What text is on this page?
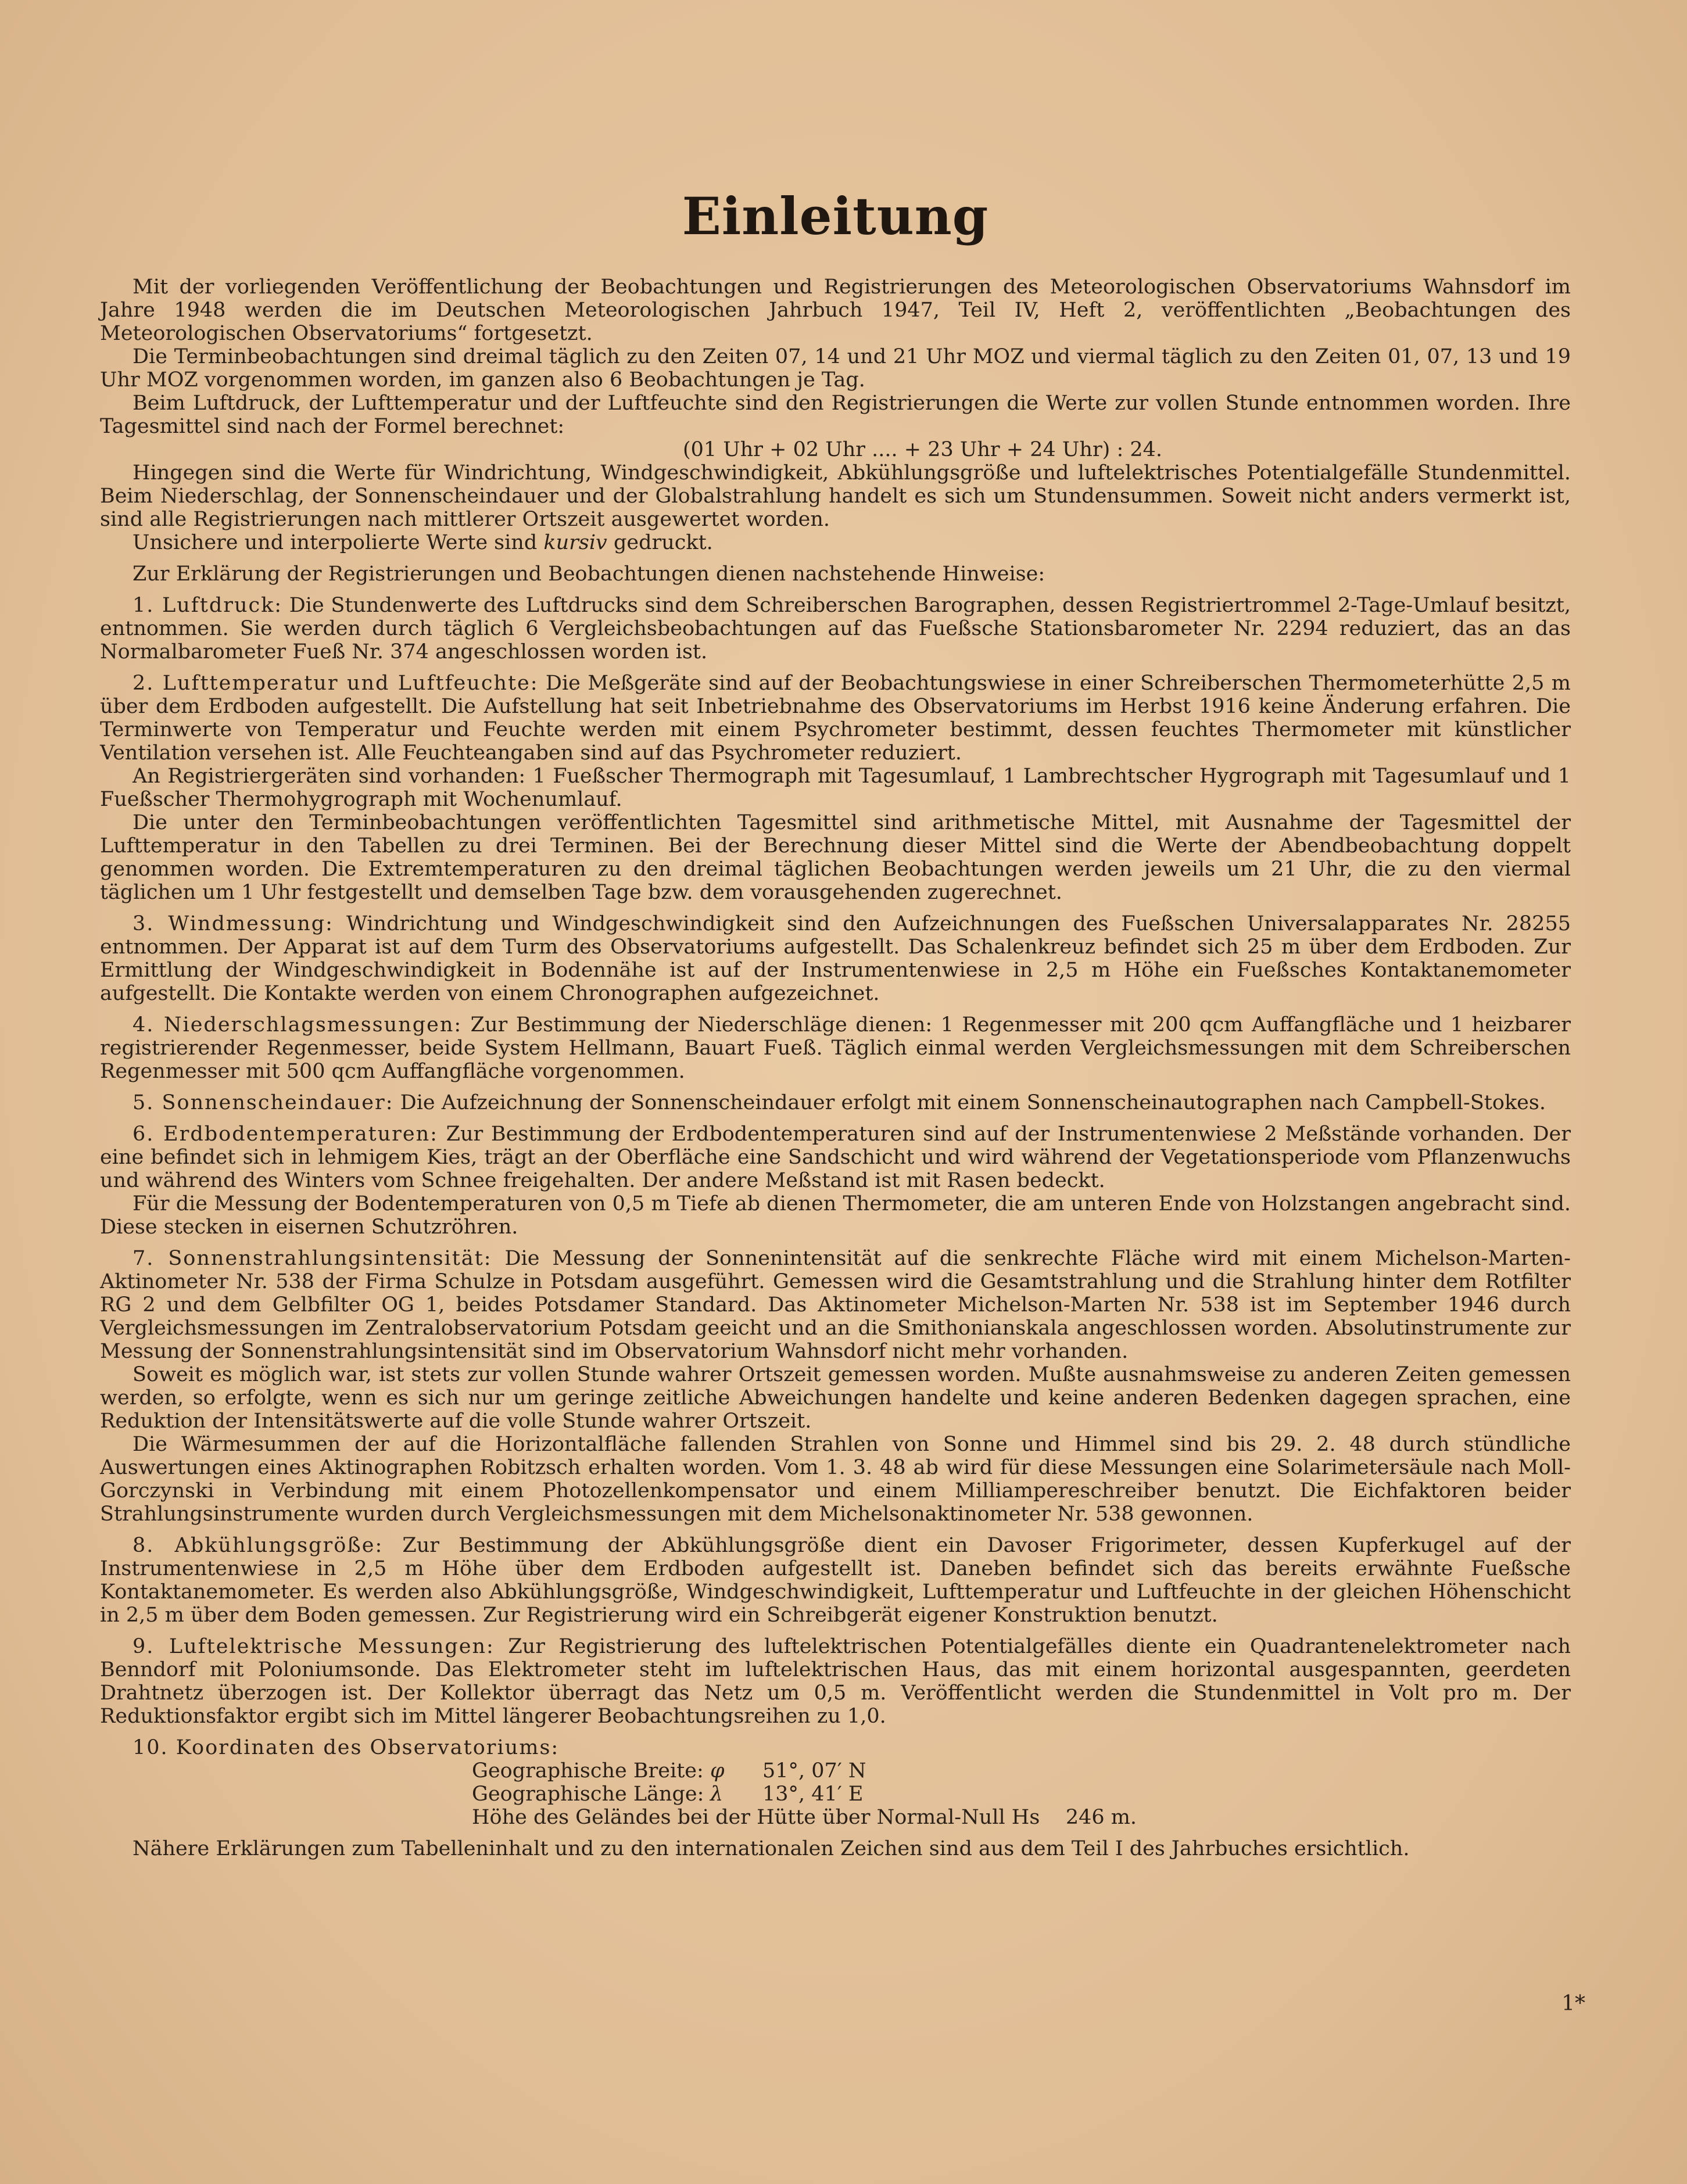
Einleitung

Mit der vorliegenden Veröffentlichung der Beobachtungen und Registrierungen des Meteorologischen Observatoriums Wahnsdorf im Jahre 1948 werden die im Deutschen Meteorologischen Jahrbuch 1947, Teil IV, Heft 2, veröffentlichten „Beobachtungen des Meteorologischen Observatoriums“ fortgesetzt.

Die Terminbeobachtungen sind dreimal täglich zu den Zeiten 07, 14 und 21 Uhr MOZ und viermal täglich zu den Zeiten 01, 07, 13 und 19 Uhr MOZ vorgenommen worden, im ganzen also 6 Beobachtungen je Tag.

Beim Luftdruck, der Lufttemperatur und der Luftfeuchte sind den Registrierungen die Werte zur vollen Stunde entnommen worden. Ihre Tagesmittel sind nach der Formel berechnet:

(01 Uhr + 02 Uhr .... + 23 Uhr + 24 Uhr) : 24.

Hingegen sind die Werte für Windrichtung, Windgeschwindigkeit, Abkühlungsgröße und luftelektrisches Potentialgefälle Stundenmittel. Beim Niederschlag, der Sonnenscheindauer und der Globalstrahlung handelt es sich um Stundensummen. Soweit nicht anders vermerkt ist, sind alle Registrierungen nach mittlerer Ortszeit ausgewertet worden.

Unsichere und interpolierte Werte sind kursiv gedruckt.

Zur Erklärung der Registrierungen und Beobachtungen dienen nachstehende Hinweise:

1. Luftdruck: Die Stundenwerte des Luftdrucks sind dem Schreiberschen Barographen, dessen Registriertrommel 2-Tage-Umlauf besitzt, entnommen. Sie werden durch täglich 6 Vergleichsbeobachtungen auf das Fueßsche Stationsbarometer Nr. 2294 reduziert, das an das Normalbarometer Fueß Nr. 374 angeschlossen worden ist.

2. Lufttemperatur und Luftfeuchte: Die Meßgeräte sind auf der Beobachtungswiese in einer Schreiberschen Thermometerhütte 2,5 m über dem Erdboden aufgestellt. Die Aufstellung hat seit Inbetriebnahme des Observatoriums im Herbst 1916 keine Änderung erfahren. Die Terminwerte von Temperatur und Feuchte werden mit einem Psychrometer bestimmt, dessen feuchtes Thermometer mit künstlicher Ventilation versehen ist. Alle Feuchteangaben sind auf das Psychrometer reduziert.

An Registriergeräten sind vorhanden: 1 Fueßscher Thermograph mit Tagesumlauf, 1 Lambrechtscher Hygrograph mit Tagesumlauf und 1 Fueßscher Thermohygrograph mit Wochenumlauf.

Die unter den Terminbeobachtungen veröffentlichten Tagesmittel sind arithmetische Mittel, mit Ausnahme der Tagesmittel der Lufttemperatur in den Tabellen zu drei Terminen. Bei der Berechnung dieser Mittel sind die Werte der Abendbeobachtung doppelt genommen worden. Die Extremtemperaturen zu den dreimal täglichen Beobachtungen werden jeweils um 21 Uhr, die zu den viermal täglichen um 1 Uhr festgestellt und demselben Tage bzw. dem vorausgehenden zugerechnet.

3. Windmessung: Windrichtung und Windgeschwindigkeit sind den Aufzeichnungen des Fueßschen Universalapparates Nr. 28255 entnommen. Der Apparat ist auf dem Turm des Observatoriums aufgestellt. Das Schalenkreuz befindet sich 25 m über dem Erdboden. Zur Ermittlung der Windgeschwindigkeit in Bodennähe ist auf der Instrumentenwiese in 2,5 m Höhe ein Fueßsches Kontaktanemometer aufgestellt. Die Kontakte werden von einem Chronographen aufgezeichnet.

4. Niederschlagsmessungen: Zur Bestimmung der Niederschläge dienen: 1 Regenmesser mit 200 qcm Auffangfläche und 1 heizbarer registrierender Regenmesser, beide System Hellmann, Bauart Fueß. Täglich einmal werden Vergleichsmessungen mit dem Schreiberschen Regenmesser mit 500 qcm Auffangfläche vorgenommen.

5. Sonnenscheindauer: Die Aufzeichnung der Sonnenscheindauer erfolgt mit einem Sonnenscheinautographen nach Campbell-Stokes.

6. Erdbodentemperaturen: Zur Bestimmung der Erdbodentemperaturen sind auf der Instrumentenwiese 2 Meßstände vorhanden. Der eine befindet sich in lehmigem Kies, trägt an der Oberfläche eine Sandschicht und wird während der Vegetationsperiode vom Pflanzenwuchs und während des Winters vom Schnee freigehalten. Der andere Meßstand ist mit Rasen bedeckt.

Für die Messung der Bodentemperaturen von 0,5 m Tiefe ab dienen Thermometer, die am unteren Ende von Holzstangen angebracht sind. Diese stecken in eisernen Schutzröhren.

7. Sonnenstrahlungsintensität: Die Messung der Sonnenintensität auf die senkrechte Fläche wird mit einem Michelson-Marten-Aktinometer Nr. 538 der Firma Schulze in Potsdam ausgeführt. Gemessen wird die Gesamtstrahlung und die Strahlung hinter dem Rotfilter RG 2 und dem Gelbfilter OG 1, beides Potsdamer Standard. Das Aktinometer Michelson-Marten Nr. 538 ist im September 1946 durch Vergleichsmessungen im Zentralobservatorium Potsdam geeicht und an die Smithonianskala angeschlossen worden. Absolutinstrumente zur Messung der Sonnenstrahlungsintensität sind im Observatorium Wahnsdorf nicht mehr vorhanden.

Soweit es möglich war, ist stets zur vollen Stunde wahrer Ortszeit gemessen worden. Mußte ausnahmsweise zu anderen Zeiten gemessen werden, so erfolgte, wenn es sich nur um geringe zeitliche Abweichungen handelte und keine anderen Bedenken dagegen sprachen, eine Reduktion der Intensitätswerte auf die volle Stunde wahrer Ortszeit.

Die Wärmesummen der auf die Horizontalfläche fallenden Strahlen von Sonne und Himmel sind bis 29. 2. 48 durch stündliche Auswertungen eines Aktinographen Robitzsch erhalten worden. Vom 1. 3. 48 ab wird für diese Messungen eine Solarimetersäule nach Moll-Gorczynski in Verbindung mit einem Photozellenkompensator und einem Milliamperеschreiber benutzt. Die Eichfaktoren beider Strahlungsinstrumente wurden durch Vergleichsmessungen mit dem Michelsonaktinometer Nr. 538 gewonnen.

8. Abkühlungsgröße: Zur Bestimmung der Abkühlungsgröße dient ein Davoser Frigorimeter, dessen Kupferkugel auf der Instrumentenwiese in 2,5 m Höhe über dem Erdboden aufgestellt ist. Daneben befindet sich das bereits erwähnte Fueßsche Kontaktanemometer. Es werden also Abkühlungsgröße, Windgeschwindigkeit, Lufttemperatur und Luftfeuchte in der gleichen Höhenschicht in 2,5 m über dem Boden gemessen. Zur Registrierung wird ein Schreibgerät eigener Konstruktion benutzt.

9. Luftelektrische Messungen: Zur Registrierung des luftelektrischen Potentialgefälles diente ein Quadrantenelektrometer nach Benndorf mit Poloniumsonde. Das Elektrometer steht im luftelektrischen Haus, das mit einem horizontal ausgespannten, geerdeten Drahtnetz überzogen ist. Der Kollektor überragt das Netz um 0,5 m. Veröffentlicht werden die Stundenmittel in Volt pro m. Der Reduktionsfaktor ergibt sich im Mittel längerer Beobachtungsreihen zu 1,0.

10. Koordinaten des Observatoriums:

Geographische Breite: φ 51°, 07′ N

Geographische Länge: λ 13°, 41′ E

Höhe des Geländes bei der Hütte über Normal-Null Hs 246 m.

Nähere Erklärungen zum Tabelleninhalt und zu den internationalen Zeichen sind aus dem Teil I des Jahrbuches ersichtlich.

1*
